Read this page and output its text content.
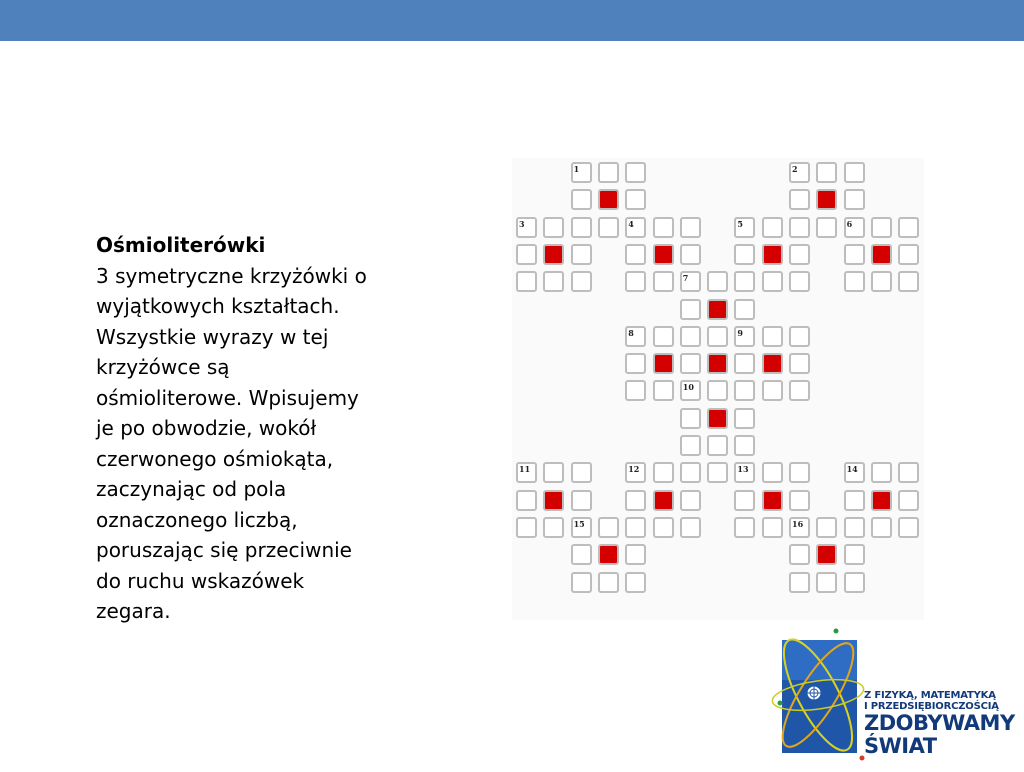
Ośmioliterówki
3 symetryczne krzyżówki o
wyjątkowych kształtach.
Wszystkie wyrazy w tej
krzyżówce są
ośmioliterowe. Wpisujemy
je po obwodzie, wokół
czerwonego ośmiokąta,
zaczynając od pola
oznaczonego liczbą,
poruszając się przeciwnie
do ruchu wskazówek
zegara.
1	2
3	4	5	6
7
8	9
10
11	12	13	14
15	16
Z FIZYKĄ, MATEMATYKĄ
I PRZEDSIĘBIORCZOŚCIĄ
ZDOBYWAMY
ŚWIAT
